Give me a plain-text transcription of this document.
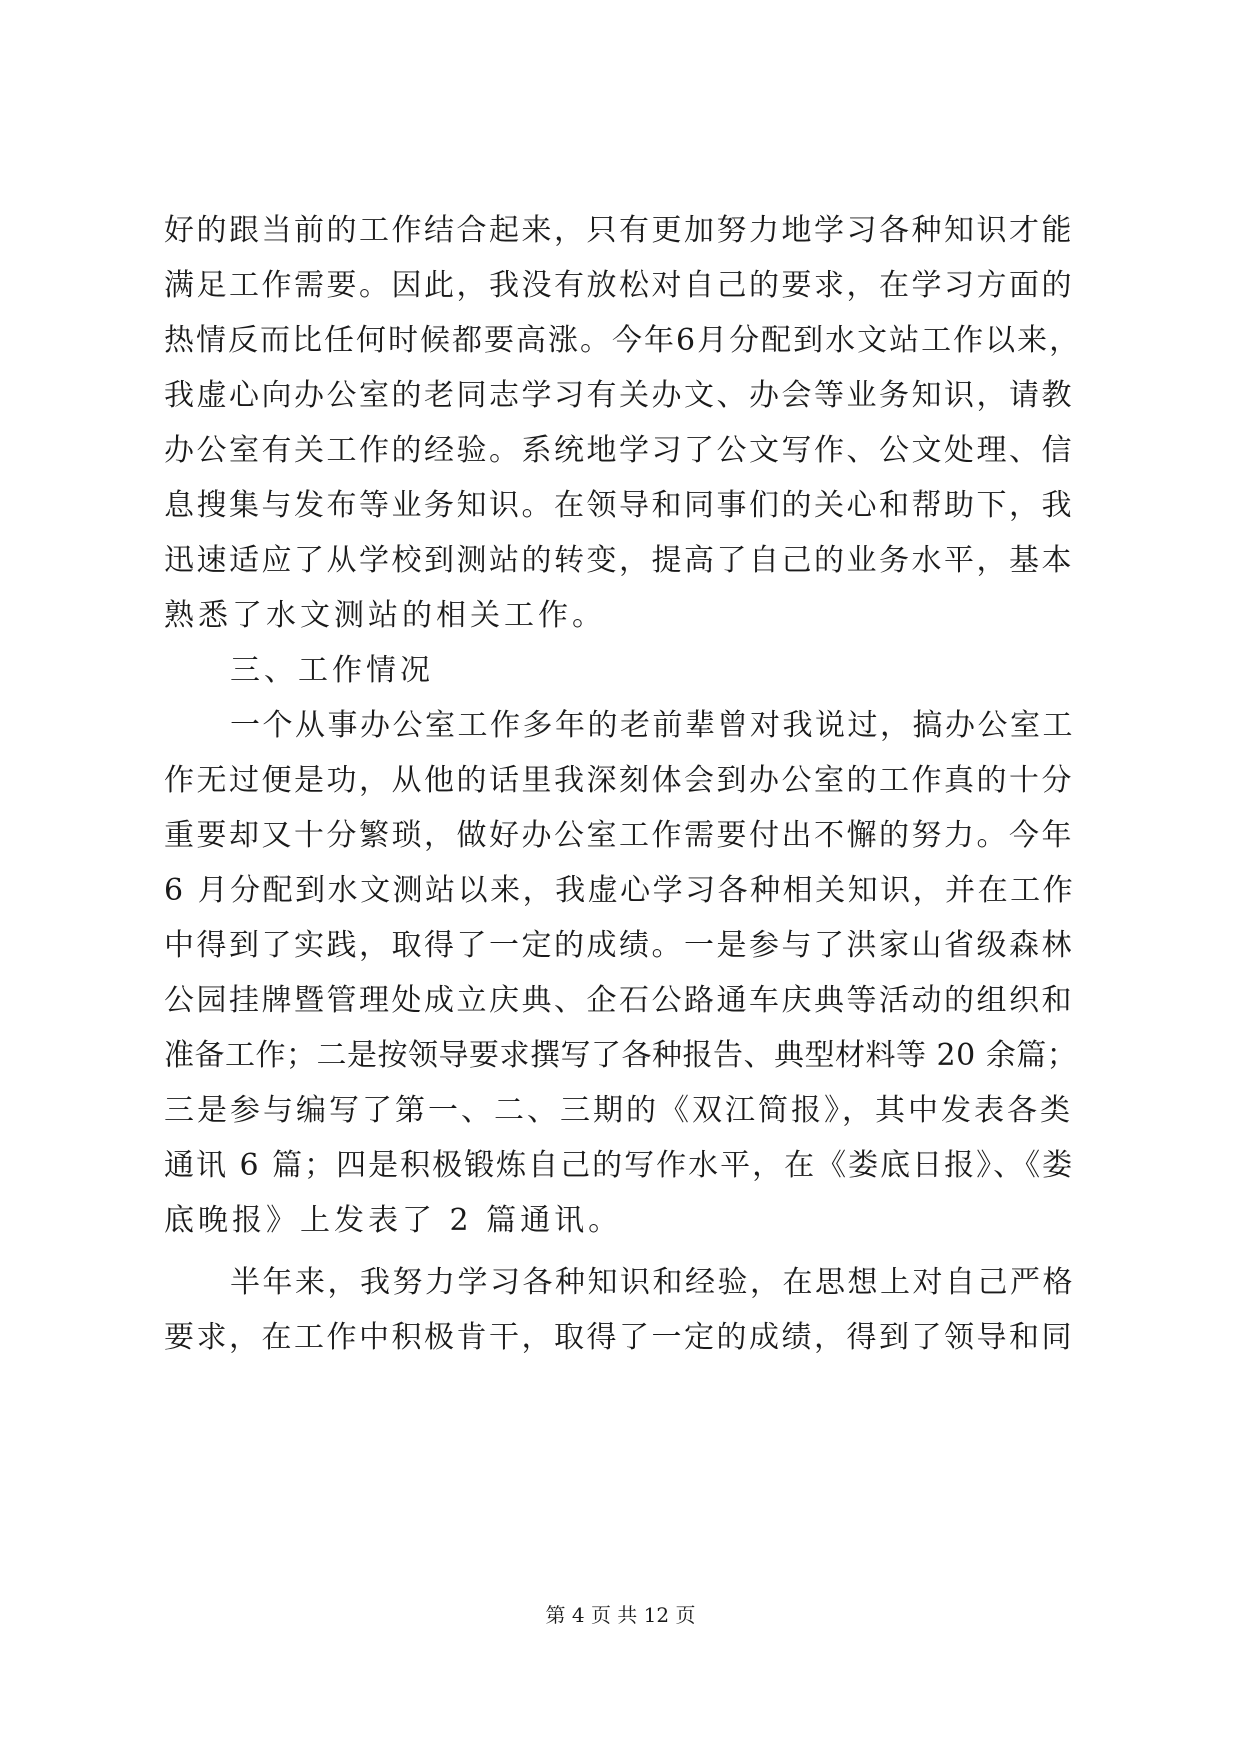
好的跟当前的工作结合起来，只有更加努力地学习各种知识才能
满足工作需要。因此，我没有放松对自己的要求，在学习方面的
热情反而比任何时候都要高涨。今年6月分配到水文站工作以来，
我虚心向办公室的老同志学习有关办文、办会等业务知识，请教
办公室有关工作的经验。系统地学习了公文写作、公文处理、信
息搜集与发布等业务知识。在领导和同事们的关心和帮助下，我
迅速适应了从学校到测站的转变，提高了自己的业务水平，基本
熟悉了水文测站的相关工作。
三、工作情况
一个从事办公室工作多年的老前辈曾对我说过，搞办公室工
作无过便是功，从他的话里我深刻体会到办公室的工作真的十分
重要却又十分繁琐，做好办公室工作需要付出不懈的努力。今年
6 月分配到水文测站以来，我虚心学习各种相关知识，并在工作
中得到了实践，取得了一定的成绩。一是参与了洪家山省级森林
公园挂牌暨管理处成立庆典、企石公路通车庆典等活动的组织和
准备工作；二是按领导要求撰写了各种报告、典型材料等 20 余篇；
三是参与编写了第一、二、三期的《双江简报》，其中发表各类
通讯 6 篇；四是积极锻炼自己的写作水平，在《娄底日报》、《娄
底晚报》上发表了 2 篇通讯。
半年来，我努力学习各种知识和经验，在思想上对自己严格
要求，在工作中积极肯干，取得了一定的成绩，得到了领导和同
第 4 页 共 12 页
